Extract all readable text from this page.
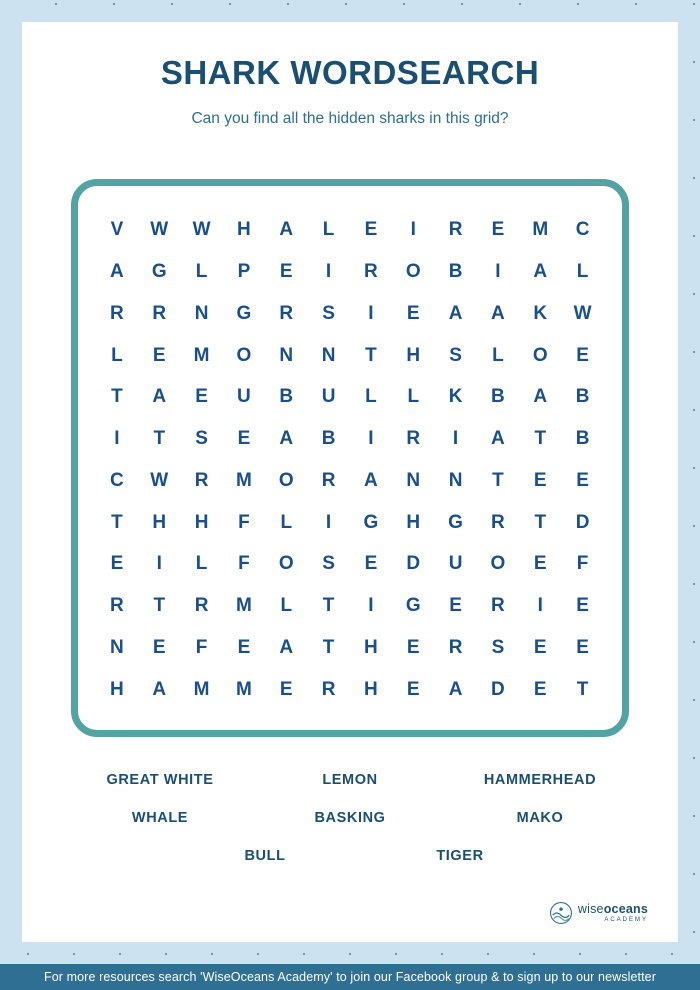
SHARK WORDSEARCH
Can you find all the hidden sharks in this grid?
V W W H A L E I R E M C
A G L P E I R O B I A L
R R N G R S I E A A K W
L E M O N N T H S L O E
T A E U B U L L K B A B
I T S E A B I R I A T B
C W R M O R A N N T E E
T H H F L I G H G R T D
E I L F O S E D U O E F
R T R M L T I G E R I E
N E F E A T H E R S E E
H A M M E R H E A D E T
GREAT WHITE	LEMON	HAMMERHEAD
WHALE	BASKING	MAKO
BULL	TIGER
wiseoceans
ACADEMY
For more resources search 'WiseOceans Academy' to join our Facebook group & to sign up to our newsletter
